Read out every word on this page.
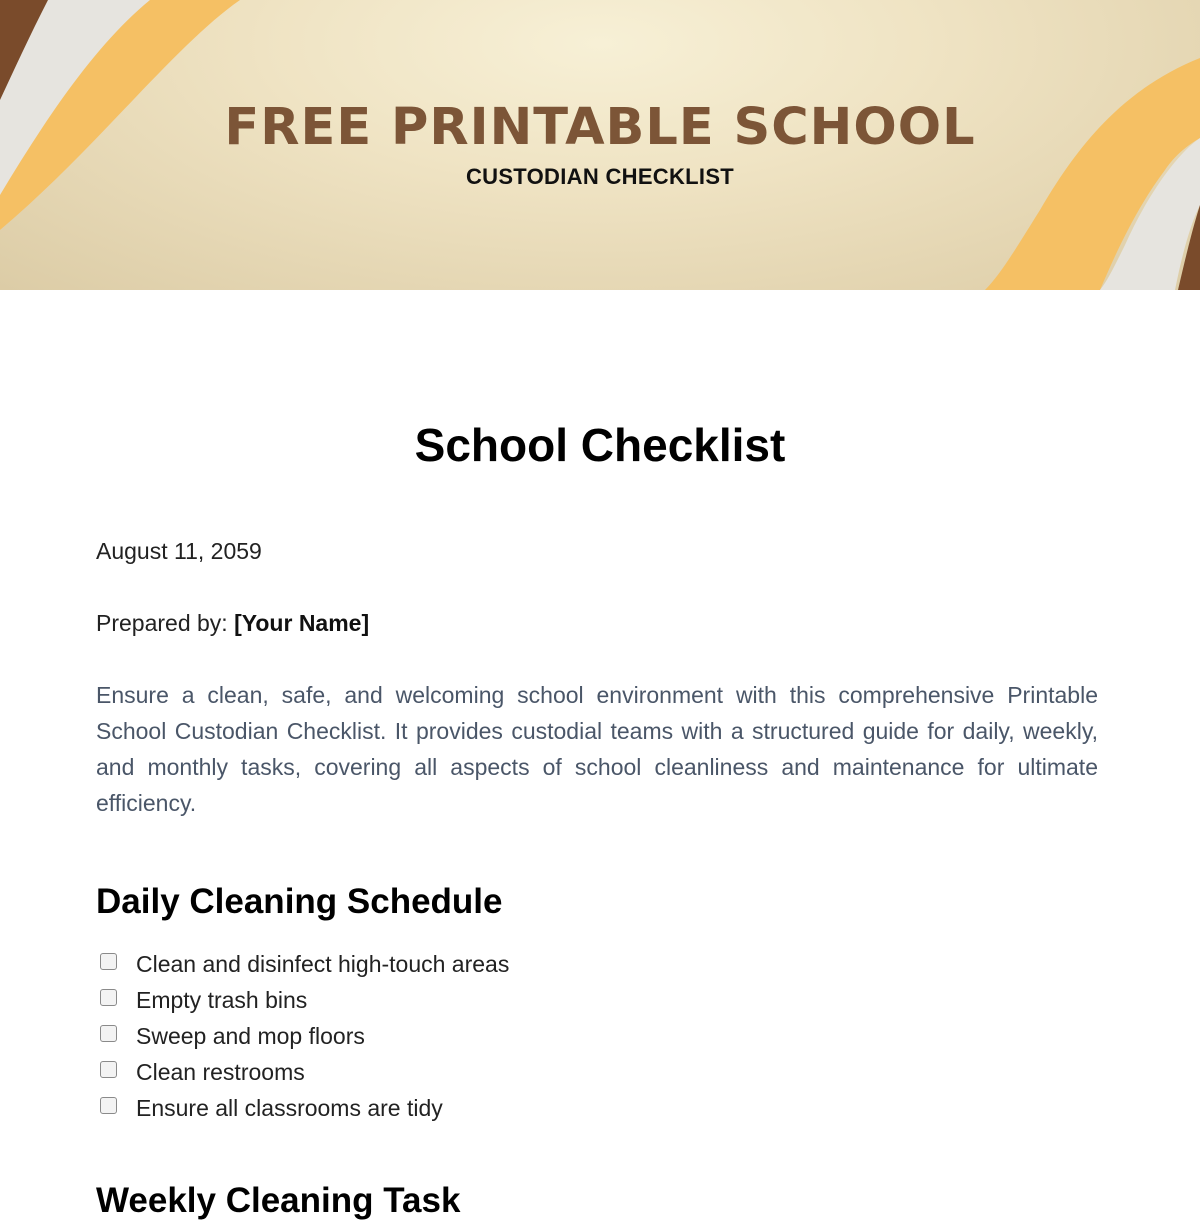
FREE PRINTABLE SCHOOL
CUSTODIAN CHECKLIST
School Checklist
August 11, 2059
Prepared by: [Your Name]
Ensure a clean, safe, and welcoming school environment with this comprehensive Printable School Custodian Checklist. It provides custodial teams with a structured guide for daily, weekly, and monthly tasks, covering all aspects of school cleanliness and maintenance for ultimate efficiency.
Daily Cleaning Schedule
Clean and disinfect high-touch areas
Empty trash bins
Sweep and mop floors
Clean restrooms
Ensure all classrooms are tidy
Weekly Cleaning Task
